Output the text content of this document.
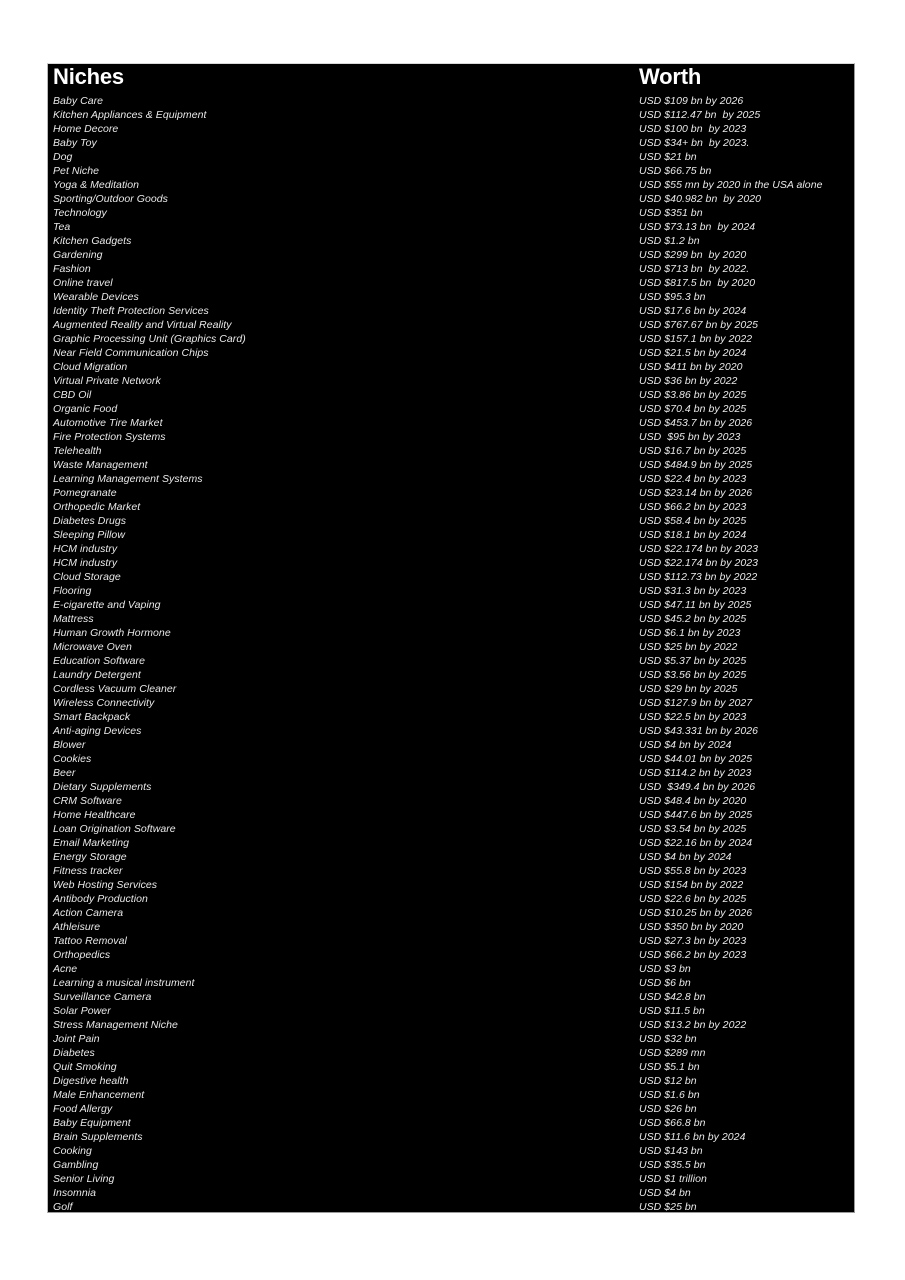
Niches	Worth
Baby Care	USD $109 bn by 2026
Kitchen Appliances & Equipment	USD $112.47 bn  by 2025
Home Decore	USD $100 bn  by 2023
Baby Toy	USD $34+ bn  by 2023.
Dog	USD $21 bn
Pet Niche	USD $66.75 bn
Yoga & Meditation	USD $55 mn by 2020 in the USA alone
Sporting/Outdoor Goods	USD $40.982 bn  by 2020
Technology	USD $351 bn
Tea	USD $73.13 bn  by 2024
Kitchen Gadgets	USD $1.2 bn
Gardening	USD $299 bn  by 2020
Fashion	USD $713 bn  by 2022.
Online travel	USD $817.5 bn  by 2020
Wearable Devices	USD $95.3 bn
Identity Theft Protection Services	USD $17.6 bn by 2024
Augmented Reality and Virtual Reality	USD $767.67 bn by 2025
Graphic Processing Unit (Graphics Card)	USD $157.1 bn by 2022
Near Field Communication Chips	USD $21.5 bn by 2024
Cloud Migration	USD $411 bn by 2020
Virtual Private Network	USD $36 bn by 2022
CBD Oil	USD $3.86 bn by 2025
Organic Food	USD $70.4 bn by 2025
Automotive Tire Market	USD $453.7 bn by 2026
Fire Protection Systems	USD  $95 bn by 2023
Telehealth	USD $16.7 bn by 2025
Waste Management	USD $484.9 bn by 2025
Learning Management Systems	USD $22.4 bn by 2023
Pomegranate	USD $23.14 bn by 2026
Orthopedic Market	USD $66.2 bn by 2023
Diabetes Drugs	USD $58.4 bn by 2025
Sleeping Pillow	USD $18.1 bn by 2024
HCM industry	USD $22.174 bn by 2023
HCM industry	USD $22.174 bn by 2023
Cloud Storage	USD $112.73 bn by 2022
Flooring	USD $31.3 bn by 2023
E-cigarette and Vaping	USD $47.11 bn by 2025
Mattress	USD $45.2 bn by 2025
Human Growth Hormone	USD $6.1 bn by 2023
Microwave Oven	USD $25 bn by 2022
Education Software	USD $5.37 bn by 2025
Laundry Detergent	USD $3.56 bn by 2025
Cordless Vacuum Cleaner	USD $29 bn by 2025
Wireless Connectivity	USD $127.9 bn by 2027
Smart Backpack	USD $22.5 bn by 2023
Anti-aging Devices	USD $43.331 bn by 2026
Blower	USD $4 bn by 2024
Cookies	USD $44.01 bn by 2025
Beer	USD $114.2 bn by 2023
Dietary Supplements	USD  $349.4 bn by 2026
CRM Software	USD $48.4 bn by 2020
Home Healthcare	USD $447.6 bn by 2025
Loan Origination Software	USD $3.54 bn by 2025
Email Marketing	USD $22.16 bn by 2024
Energy Storage	USD $4 bn by 2024
Fitness tracker	USD $55.8 bn by 2023
Web Hosting Services	USD $154 bn by 2022
Antibody Production	USD $22.6 bn by 2025
Action Camera	USD $10.25 bn by 2026
Athleisure	USD $350 bn by 2020
Tattoo Removal	USD $27.3 bn by 2023
Orthopedics	USD $66.2 bn by 2023
Acne	USD $3 bn
Learning a musical instrument	USD $6 bn
Surveillance Camera	USD $42.8 bn
Solar Power	USD $11.5 bn
Stress Management Niche	USD $13.2 bn by 2022
Joint Pain	USD $32 bn
Diabetes	USD $289 mn
Quit Smoking	USD $5.1 bn
Digestive health	USD $12 bn
Male Enhancement	USD $1.6 bn
Food Allergy	USD $26 bn
Baby Equipment	USD $66.8 bn
Brain Supplements	USD $11.6 bn by 2024
Cooking	USD $143 bn
Gambling	USD $35.5 bn
Senior Living	USD $1 trillion
Insomnia	USD $4 bn
Golf	USD $25 bn
